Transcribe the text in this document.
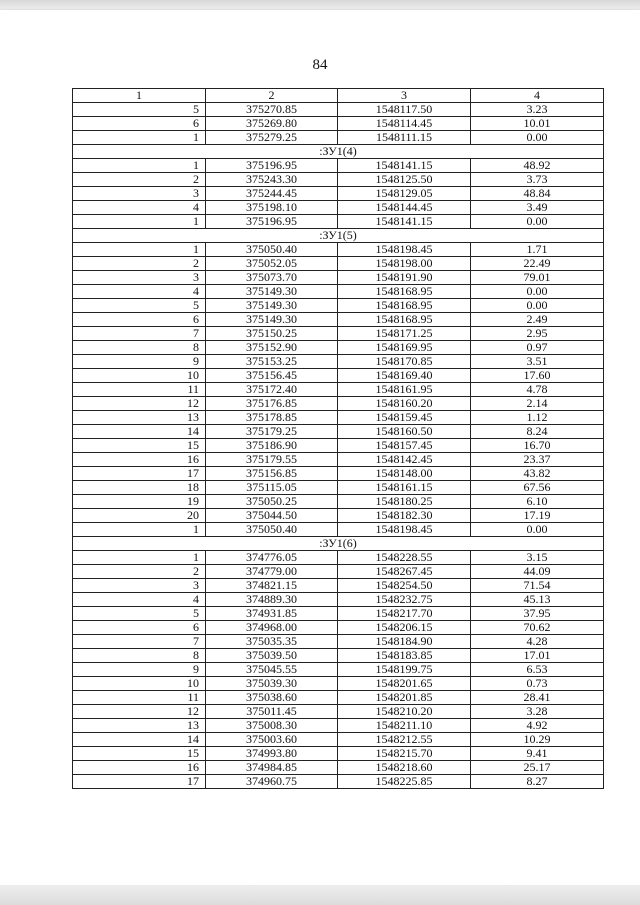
84
1	2	3	4
5	375270.85	1548117.50	3.23
6	375269.80	1548114.45	10.01
1	375279.25	1548111.15	0.00
:ЗУ1(4)			
1	375196.95	1548141.15	48.92
2	375243.30	1548125.50	3.73
3	375244.45	1548129.05	48.84
4	375198.10	1548144.45	3.49
1	375196.95	1548141.15	0.00
:ЗУ1(5)			
1	375050.40	1548198.45	1.71
2	375052.05	1548198.00	22.49
3	375073.70	1548191.90	79.01
4	375149.30	1548168.95	0.00
5	375149.30	1548168.95	0.00
6	375149.30	1548168.95	2.49
7	375150.25	1548171.25	2.95
8	375152.90	1548169.95	0.97
9	375153.25	1548170.85	3.51
10	375156.45	1548169.40	17.60
11	375172.40	1548161.95	4.78
12	375176.85	1548160.20	2.14
13	375178.85	1548159.45	1.12
14	375179.25	1548160.50	8.24
15	375186.90	1548157.45	16.70
16	375179.55	1548142.45	23.37
17	375156.85	1548148.00	43.82
18	375115.05	1548161.15	67.56
19	375050.25	1548180.25	6.10
20	375044.50	1548182.30	17.19
1	375050.40	1548198.45	0.00
:ЗУ1(6)			
1	374776.05	1548228.55	3.15
2	374779.00	1548267.45	44.09
3	374821.15	1548254.50	71.54
4	374889.30	1548232.75	45.13
5	374931.85	1548217.70	37.95
6	374968.00	1548206.15	70.62
7	375035.35	1548184.90	4.28
8	375039.50	1548183.85	17.01
9	375045.55	1548199.75	6.53
10	375039.30	1548201.65	0.73
11	375038.60	1548201.85	28.41
12	375011.45	1548210.20	3.28
13	375008.30	1548211.10	4.92
14	375003.60	1548212.55	10.29
15	374993.80	1548215.70	9.41
16	374984.85	1548218.60	25.17
17	374960.75	1548225.85	8.27
